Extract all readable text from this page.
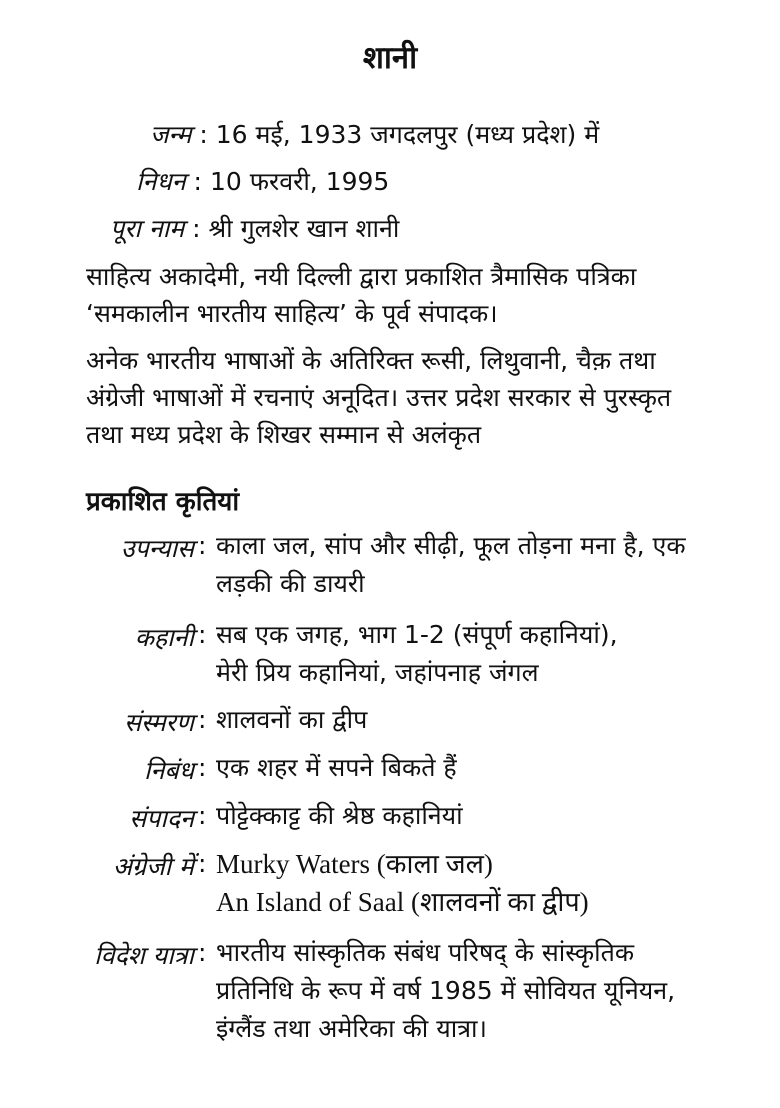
शानी
जन्म : 16 मई, 1933 जगदलपुर (मध्य प्रदेश) में
निधन : 10 फरवरी, 1995
पूरा नाम : श्री गुलशेर खान शानी
साहित्य अकादेमी, नयी दिल्ली द्वारा प्रकाशित त्रैमासिक पत्रिका
‘समकालीन भारतीय साहित्य’ के पूर्व संपादक।
अनेक भारतीय भाषाओं के अतिरिक्त रूसी, लिथुवानी, चैक़ तथा
अंग्रेजी भाषाओं में रचनाएं अनूदित। उत्तर प्रदेश सरकार से पुरस्कृत
तथा मध्य प्रदेश के शिखर सम्मान से अलंकृत
प्रकाशित कृतियां
उपन्यास : काला जल, सांप और सीढ़ी, फूल तोड़ना मना है, एक
लड़की की डायरी
कहानी : सब एक जगह, भाग 1-2 (संपूर्ण कहानियां),
मेरी प्रिय कहानियां, जहांपनाह जंगल
संस्मरण : शालवनों का द्वीप
निबंध : एक शहर में सपने बिकते हैं
संपादन : पोट्टेक्काट्ट की श्रेष्ठ कहानियां
अंग्रेजी में : Murky Waters (काला जल)
An Island of Saal (शालवनों का द्वीप)
विदेश यात्रा : भारतीय सांस्कृतिक संबंध परिषद् के सांस्कृतिक
प्रतिनिधि के रूप में वर्ष 1985 में सोवियत यूनियन,
इंग्लैंड तथा अमेरिका की यात्रा।
